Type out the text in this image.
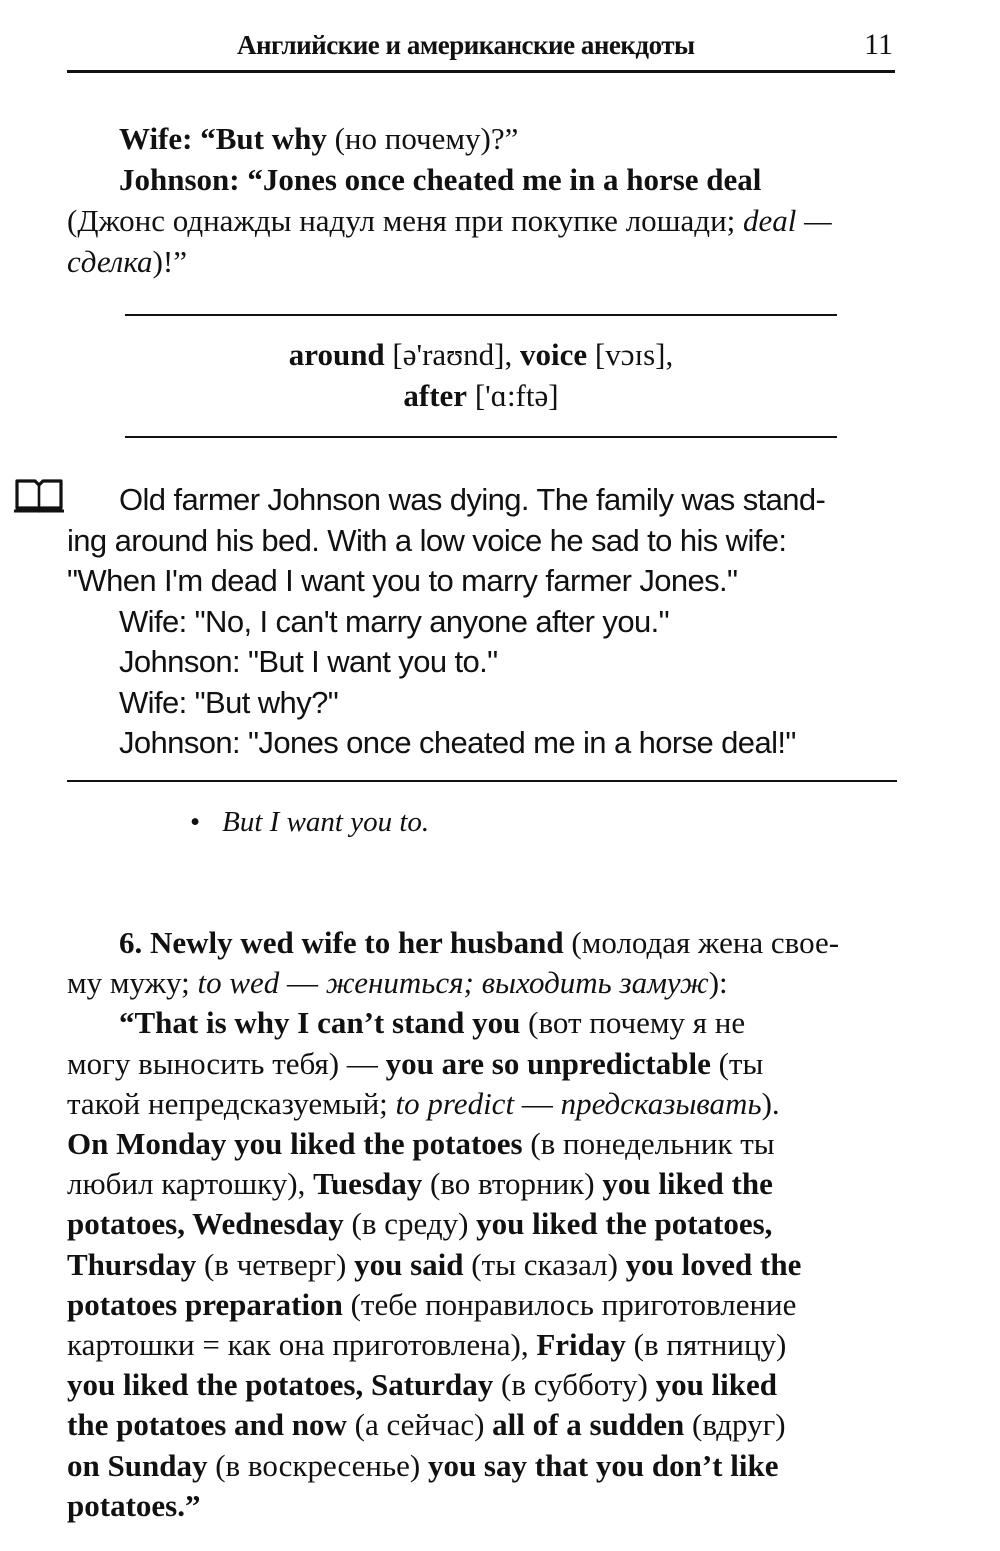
Английские и американские анекдоты	11
Wife: “But why (но почему)?”
Johnson: “Jones once cheated me in a horse deal
(Джонс однажды надул меня при покупке лошади; deal —
сделка)!”
around [ə'raʊnd], voice [vɔɪs],
after ['ɑ:ftə]
Old farmer Johnson was dying. The family was stand-
ing around his bed. With a low voice he sad to his wife:
"When I'm dead I want you to marry farmer Jones."
Wife: "No, I can't marry anyone after you."
Johnson: "But I want you to."
Wife: "But why?"
Johnson: "Jones once cheated me in a horse deal!"
• But I want you to.
6. Newly wed wife to her husband (молодая жена свое-
му мужу; to wed — жениться; выходить замуж):
“That is why I can’t stand you (вот почему я не
могу выносить тебя) — you are so unpredictable (ты
такой непредсказуемый; to predict — предсказывать).
On Monday you liked the potatoes (в понедельник ты
любил картошку), Tuesday (во вторник) you liked the
potatoes, Wednesday (в среду) you liked the potatoes,
Thursday (в четверг) you said (ты сказал) you loved the
potatoes preparation (тебе понравилось приготовление
картошки = как она приготовлена), Friday (в пятницу)
you liked the potatoes, Saturday (в субботу) you liked
the potatoes and now (а сейчас) all of a sudden (вдруг)
on Sunday (в воскресенье) you say that you don’t like
potatoes.”
